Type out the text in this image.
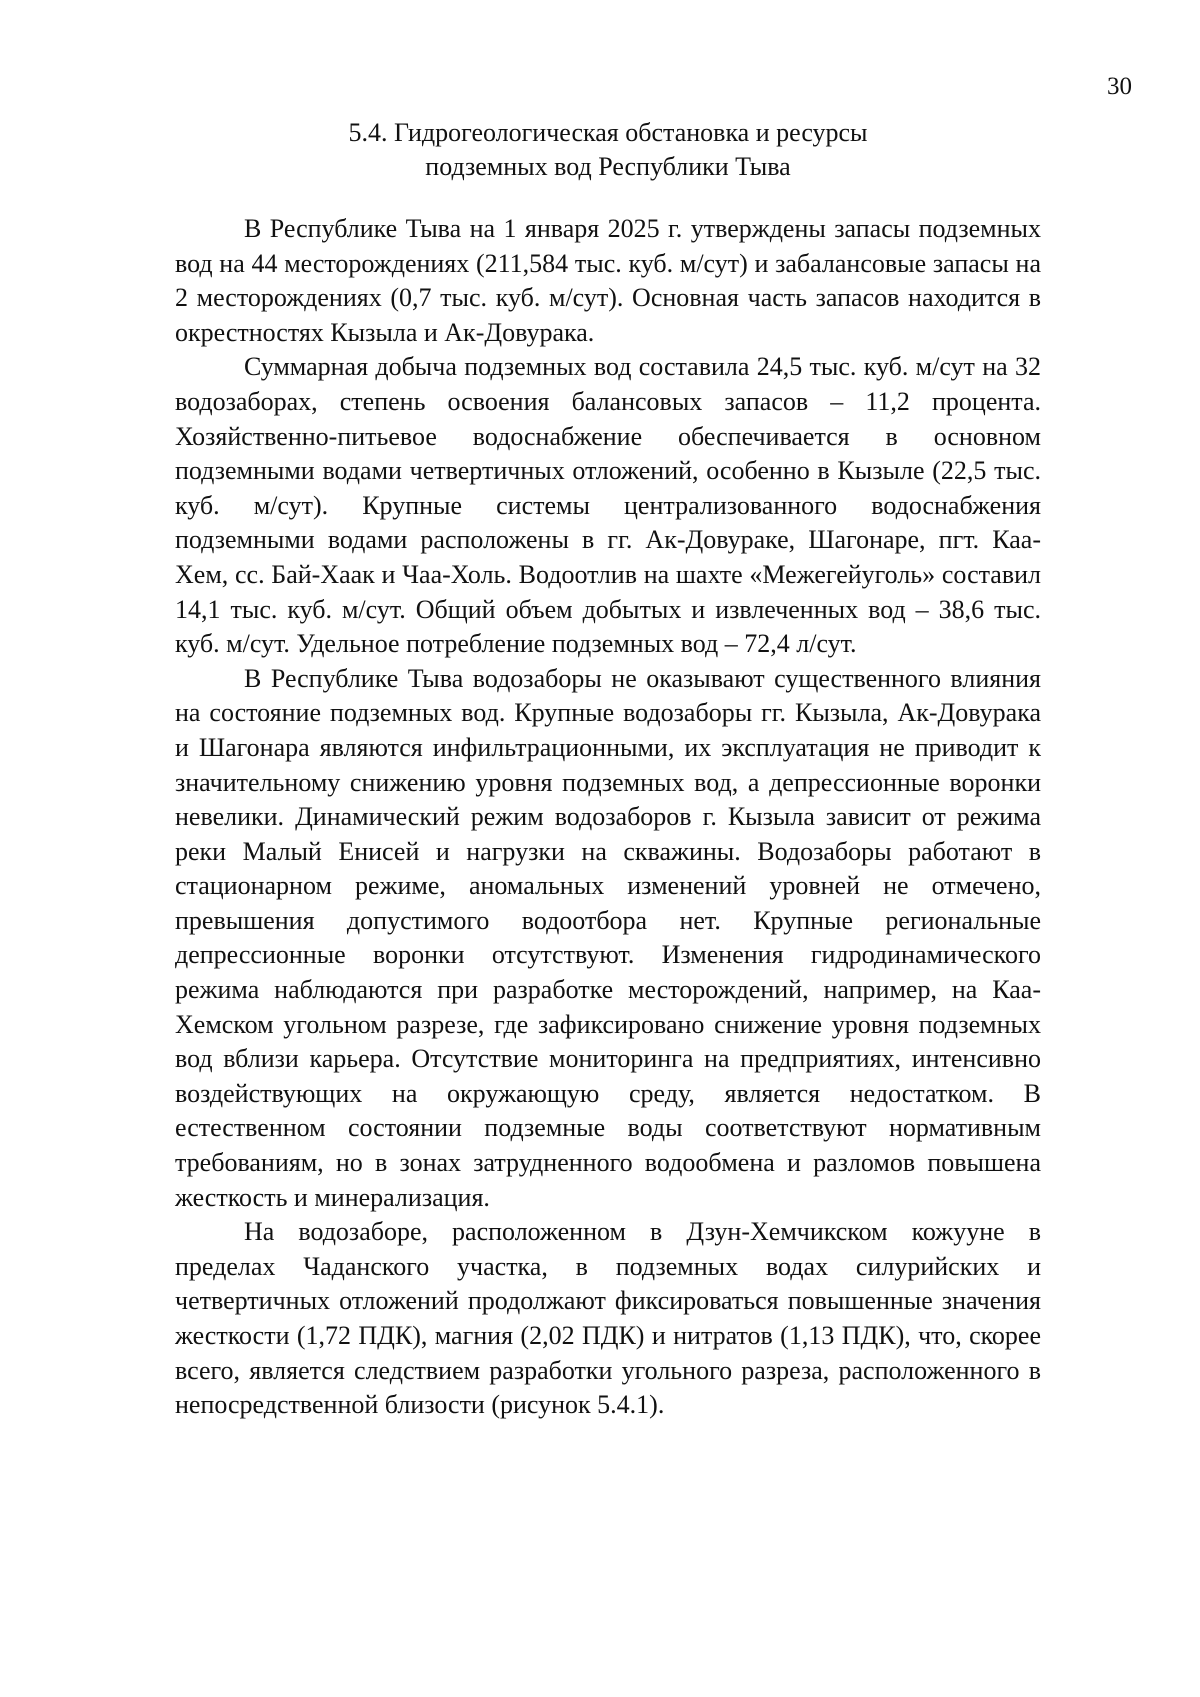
30
5.4. Гидрогеологическая обстановка и ресурсы
подземных вод Республики Тыва

В Республике Тыва на 1 января 2025 г. утверждены запасы подземных вод на 44 месторождениях (211,584 тыс. куб. м/сут) и забалансовые запасы на 2 месторождениях (0,7 тыс. куб. м/сут). Основная часть запасов находится в окрестностях Кызыла и Ак-Довурака.

Суммарная добыча подземных вод составила 24,5 тыс. куб. м/сут на 32 водозаборах, степень освоения балансовых запасов – 11,2 процента. Хозяйственно-питьевое водоснабжение обеспечивается в основном подземными водами четвертичных отложений, особенно в Кызыле (22,5 тыс. куб. м/сут). Крупные системы централизованного водоснабжения подземными водами расположены в гг. Ак-Довураке, Шагонаре, пгт. Каа-Хем, сс. Бай-Хаак и Чаа-Холь. Водоотлив на шахте «Межегейуголь» составил 14,1 тыс. куб. м/сут. Общий объем добытых и извлеченных вод – 38,6 тыс. куб. м/сут. Удельное потребление подземных вод – 72,4 л/сут.

В Республике Тыва водозаборы не оказывают существенного влияния на состояние подземных вод. Крупные водозаборы гг. Кызыла, Ак-Довурака и Шагонара являются инфильтрационными, их эксплуатация не приводит к значительному снижению уровня подземных вод, а депрессионные воронки невелики. Динамический режим водозаборов г. Кызыла зависит от режима реки Малый Енисей и нагрузки на скважины. Водозаборы работают в стационарном режиме, аномальных изменений уровней не отмечено, превышения допустимого водоотбора нет. Крупные региональные депрессионные воронки отсутствуют. Изменения гидродинамического режима наблюдаются при разработке месторождений, например, на Каа-Хемском угольном разрезе, где зафиксировано снижение уровня подземных вод вблизи карьера. Отсутствие мониторинга на предприятиях, интенсивно воздействующих на окружающую среду, является недостатком. В естественном состоянии подземные воды соответствуют нормативным требованиям, но в зонах затрудненного водообмена и разломов повышена жесткость и минерализация.

На водозаборе, расположенном в Дзун-Хемчикском кожууне в пределах Чаданского участка, в подземных водах силурийских и четвертичных отложений продолжают фиксироваться повышенные значения жесткости (1,72 ПДК), магния (2,02 ПДК) и нитратов (1,13 ПДК), что, скорее всего, является следствием разработки угольного разреза, расположенного в непосредственной близости (рисунок 5.4.1).
